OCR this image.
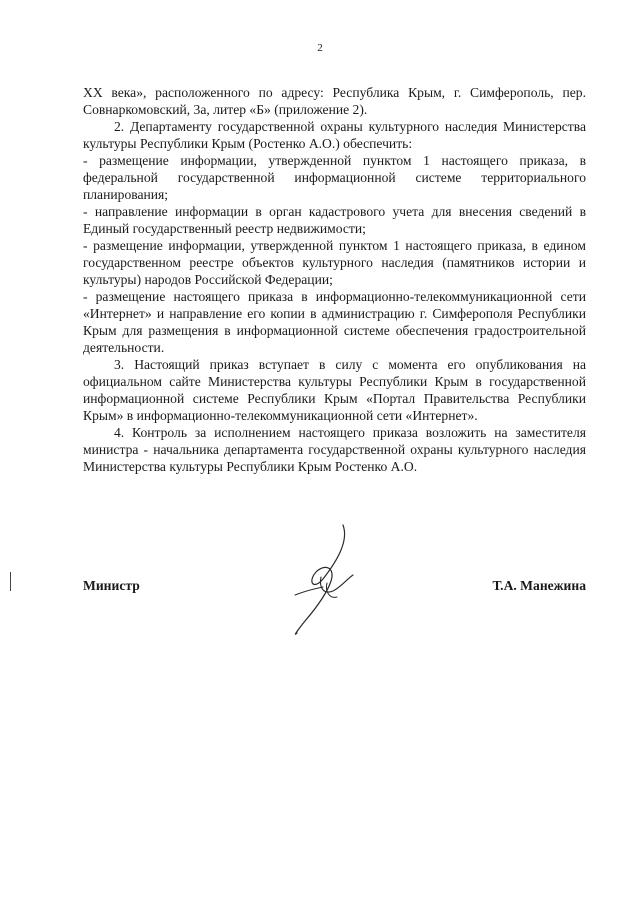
2

XX века», расположенного по адресу: Республика Крым, г. Симферополь, пер. Совнаркомовский, 3а, литер «Б» (приложение 2).

2. Департаменту государственной охраны культурного наследия Министерства культуры Республики Крым (Ростенко А.О.) обеспечить:

- размещение информации, утвержденной пунктом 1 настоящего приказа, в федеральной государственной информационной системе территориального планирования;

- направление информации в орган кадастрового учета для внесения сведений в Единый государственный реестр недвижимости;

- размещение информации, утвержденной пунктом 1 настоящего приказа, в едином государственном реестре объектов культурного наследия (памятников истории и культуры) народов Российской Федерации;

- размещение настоящего приказа в информационно-телекоммуникационной сети «Интернет» и направление его копии в администрацию г. Симферополя Республики Крым для размещения в информационной системе обеспечения градостроительной деятельности.

3. Настоящий приказ вступает в силу с момента его опубликования на официальном сайте Министерства культуры Республики Крым в государственной информационной системе Республики Крым «Портал Правительства Республики Крым» в информационно-телекоммуникационной сети «Интернет».

4. Контроль за исполнением настоящего приказа возложить на заместителя министра - начальника департамента государственной охраны культурного наследия Министерства культуры Республики Крым Ростенко А.О.

Министр	Т.А. Манежина
